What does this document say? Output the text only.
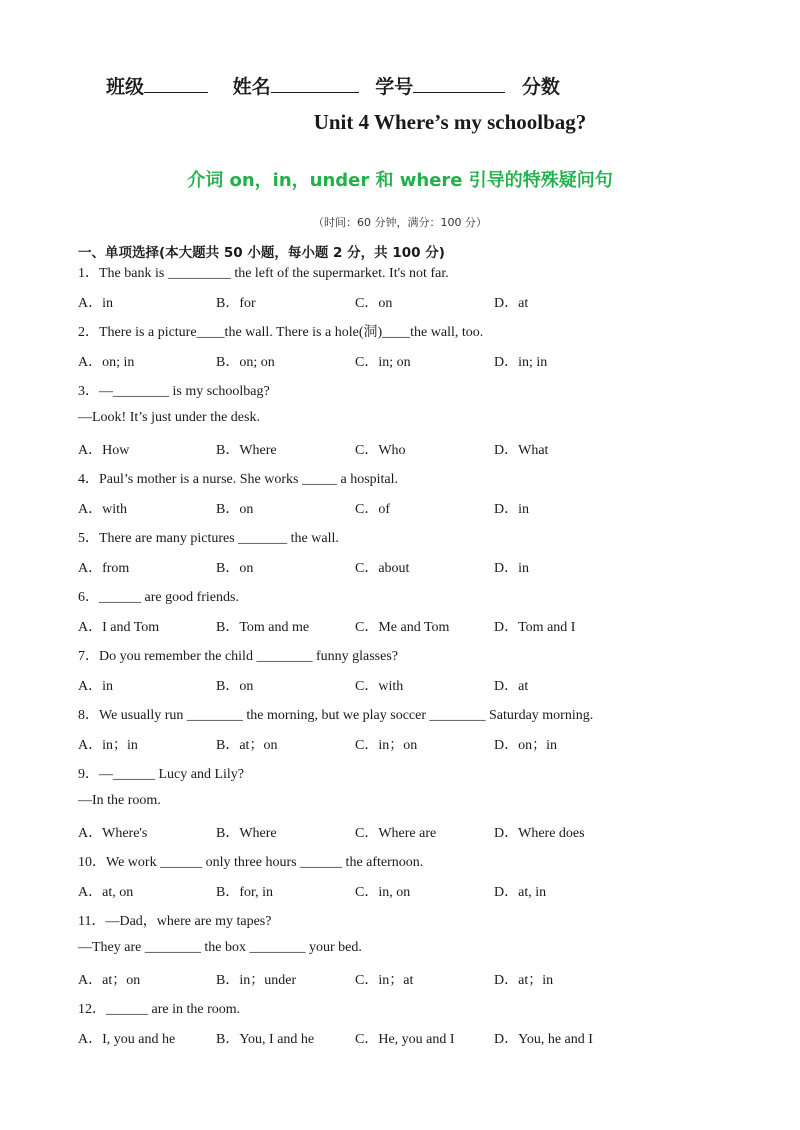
班级	姓名	学号	分数
Unit 4 Where’s my schoolbag?
介词 on，in，under 和 where 引导的特殊疑问句
（时间：60 分钟，满分：100 分）
一、单项选择(本大题共 50 小题，每小题 2 分，共 100 分)
1．The bank is _________ the left of the supermarket. It's not far.
A．in	B．for	C．on	D．at
2．There is a picture____the wall. There is a hole(洞)____the wall, too.
A．on; in	B．on; on	C．in; on	D．in; in
3．—________ is my schoolbag?
—Look! It’s just under the desk.
A．How	B．Where	C．Who	D．What
4．Paul’s mother is a nurse. She works _____ a hospital.
A．with	B．on	C．of	D．in
5．There are many pictures _______ the wall.
A．from	B．on	C．about	D．in
6．______ are good friends.
A．I and Tom	B．Tom and me	C．Me and Tom	D．Tom and I
7．Do you remember the child ________ funny glasses?
A．in	B．on	C．with	D．at
8．We usually run ________ the morning, but we play soccer ________ Saturday morning.
A．in；in	B．at；on	C．in；on	D．on；in
9．—______ Lucy and Lily?
—In the room.
A．Where's	B．Where	C．Where are	D．Where does
10．We work ______ only three hours ______ the afternoon.
A．at, on	B．for, in	C．in, on	D．at, in
11．—Dad，where are my tapes?
—They are ________ the box ________ your bed.
A．at；on	B．in；under	C．in；at	D．at；in
12．______ are in the room.
A．I, you and he	B．You, I and he	C．He, you and I	D．You, he and I
